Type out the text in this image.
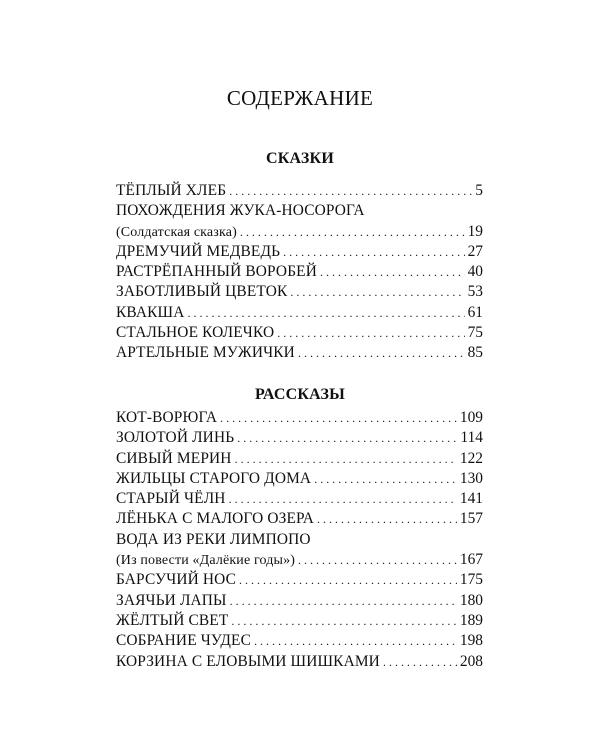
СОДЕРЖАНИЕ
СКАЗКИ
ТЁПЛЫЙ ХЛЕБ . . .	5
ПОХОЖДЕНИЯ ЖУКА-НОСОРОГА
(Солдатская сказка) . . .	19
ДРЕМУЧИЙ МЕДВЕДЬ . . .	27
РАСТРЁПАННЫЙ ВОРОБЕЙ . . .	40
ЗАБОТЛИВЫЙ ЦВЕТОК . . .	53
КВАКША . . .	61
СТАЛЬНОЕ КОЛЕЧКО . . .	75
АРТЕЛЬНЫЕ МУЖИЧКИ . . .	85
РАССКАЗЫ
КОТ-ВОРЮГА . . .	109
ЗОЛОТОЙ ЛИНЬ . . .	114
СИВЫЙ МЕРИН . . .	122
ЖИЛЬЦЫ СТАРОГО ДОМА . . .	130
СТАРЫЙ ЧЁЛН . . .	141
ЛЁНЬКА С МАЛОГО ОЗЕРА . . .	157
ВОДА ИЗ РЕКИ ЛИМПОПО
(Из повести «Далёкие годы») . . .	167
БАРСУЧИЙ НОС . . .	175
ЗАЯЧЬИ ЛАПЫ . . .	180
ЖЁЛТЫЙ СВЕТ . . .	189
СОБРАНИЕ ЧУДЕС . . .	198
КОРЗИНА С ЕЛОВЫМИ ШИШКАМИ . . .	208
